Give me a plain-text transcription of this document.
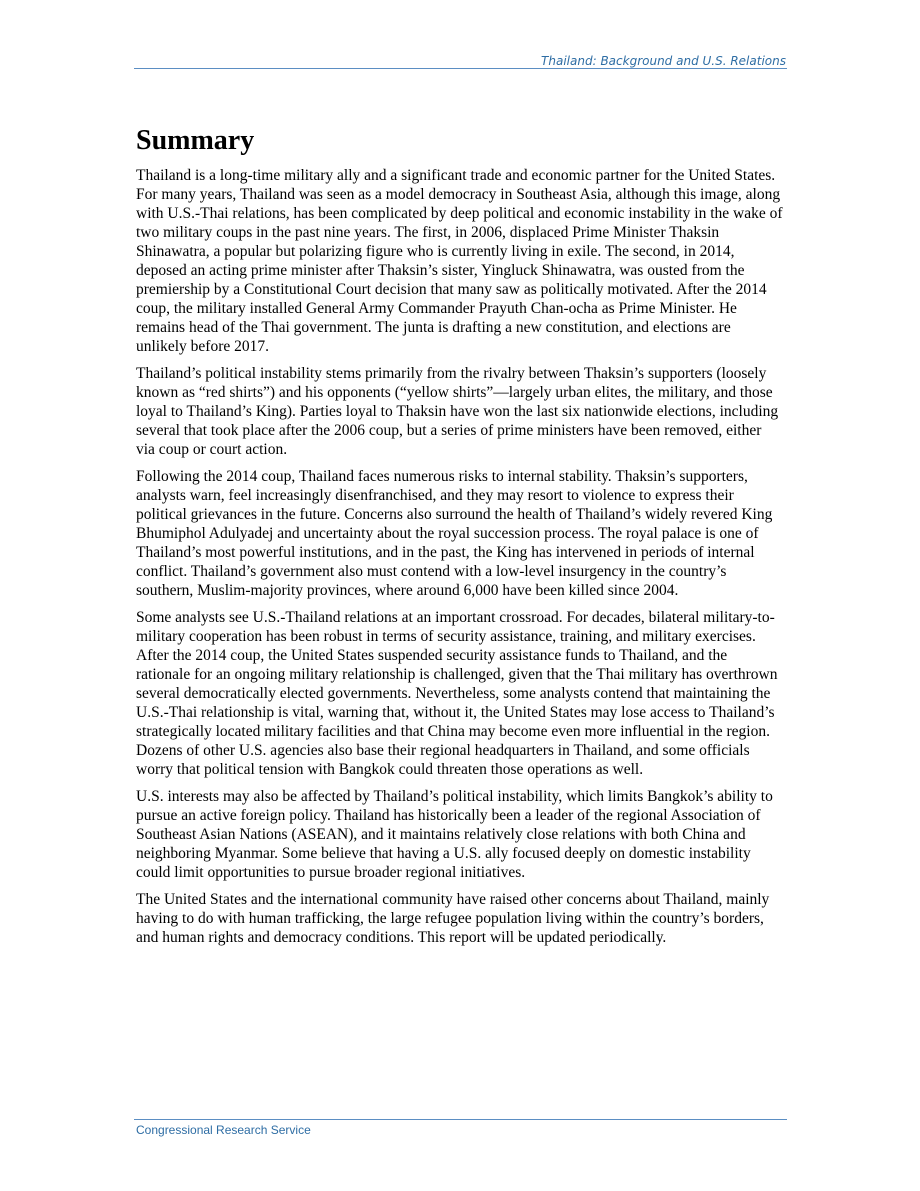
Thailand: Background and U.S. Relations
Summary

Thailand is a long-time military ally and a significant trade and economic partner for the United States. For many years, Thailand was seen as a model democracy in Southeast Asia, although this image, along with U.S.-Thai relations, has been complicated by deep political and economic instability in the wake of two military coups in the past nine years. The first, in 2006, displaced Prime Minister Thaksin Shinawatra, a popular but polarizing figure who is currently living in exile. The second, in 2014, deposed an acting prime minister after Thaksin’s sister, Yingluck Shinawatra, was ousted from the premiership by a Constitutional Court decision that many saw as politically motivated. After the 2014 coup, the military installed General Army Commander Prayuth Chan-ocha as Prime Minister. He remains head of the Thai government. The junta is drafting a new constitution, and elections are unlikely before 2017.

Thailand’s political instability stems primarily from the rivalry between Thaksin’s supporters (loosely known as “red shirts”) and his opponents (“yellow shirts”—largely urban elites, the military, and those loyal to Thailand’s King). Parties loyal to Thaksin have won the last six nationwide elections, including several that took place after the 2006 coup, but a series of prime ministers have been removed, either via coup or court action.

Following the 2014 coup, Thailand faces numerous risks to internal stability. Thaksin’s supporters, analysts warn, feel increasingly disenfranchised, and they may resort to violence to express their political grievances in the future. Concerns also surround the health of Thailand’s widely revered King Bhumiphol Adulyadej and uncertainty about the royal succession process. The royal palace is one of Thailand’s most powerful institutions, and in the past, the King has intervened in periods of internal conflict. Thailand’s government also must contend with a low-level insurgency in the country’s southern, Muslim-majority provinces, where around 6,000 have been killed since 2004.

Some analysts see U.S.-Thailand relations at an important crossroad. For decades, bilateral military-to-military cooperation has been robust in terms of security assistance, training, and military exercises. After the 2014 coup, the United States suspended security assistance funds to Thailand, and the rationale for an ongoing military relationship is challenged, given that the Thai military has overthrown several democratically elected governments. Nevertheless, some analysts contend that maintaining the U.S.-Thai relationship is vital, warning that, without it, the United States may lose access to Thailand’s strategically located military facilities and that China may become even more influential in the region. Dozens of other U.S. agencies also base their regional headquarters in Thailand, and some officials worry that political tension with Bangkok could threaten those operations as well.

U.S. interests may also be affected by Thailand’s political instability, which limits Bangkok’s ability to pursue an active foreign policy. Thailand has historically been a leader of the regional Association of Southeast Asian Nations (ASEAN), and it maintains relatively close relations with both China and neighboring Myanmar. Some believe that having a U.S. ally focused deeply on domestic instability could limit opportunities to pursue broader regional initiatives.

The United States and the international community have raised other concerns about Thailand, mainly having to do with human trafficking, the large refugee population living within the country’s borders, and human rights and democracy conditions. This report will be updated periodically.

Congressional Research Service
